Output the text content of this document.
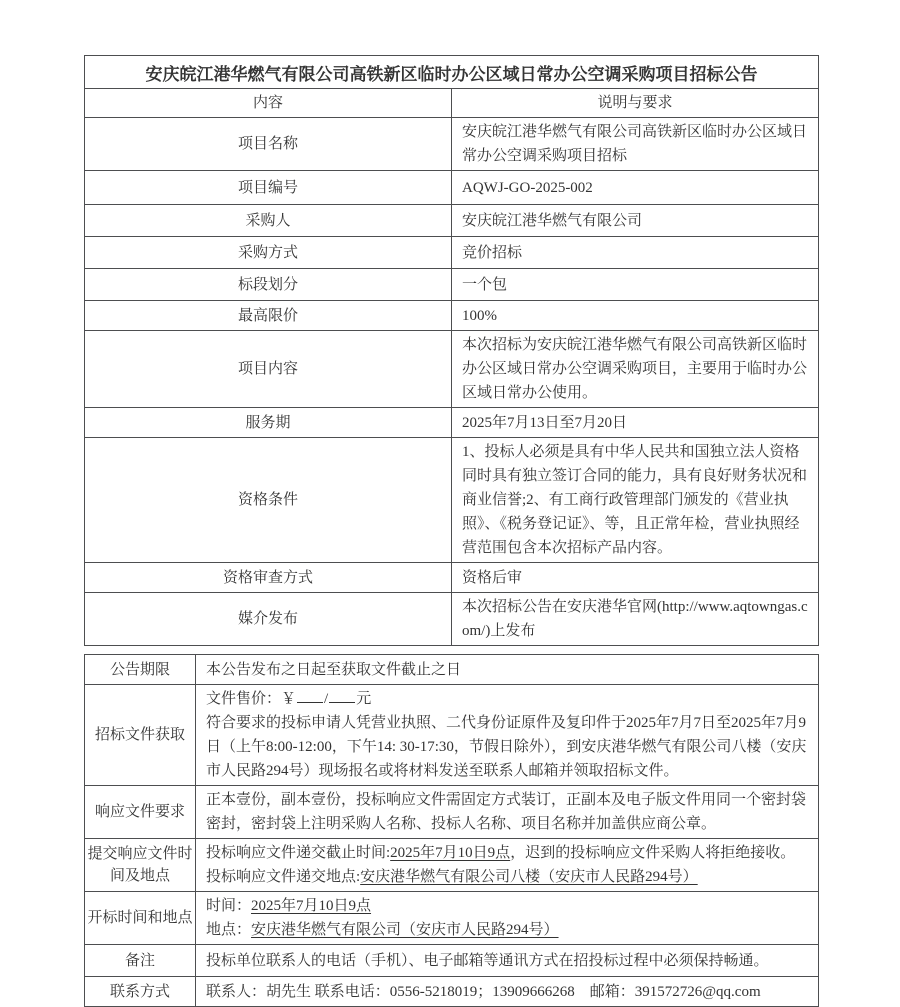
安庆皖江港华燃气有限公司高铁新区临时办公区域日常办公空调采购项目招标公告	
内容	说明与要求
项目名称	安庆皖江港华燃气有限公司高铁新区临时办公区域日常办公空调采购项目招标
项目编号	AQWJ-GO-2025-002
采购人	安庆皖江港华燃气有限公司
采购方式	竞价招标
标段划分	一个包
最高限价	100%
项目内容	本次招标为安庆皖江港华燃气有限公司高铁新区临时办公区域日常办公空调采购项目，主要用于临时办公区域日常办公使用。
服务期	2025年7月13日至7月20日
资格条件	1、投标人必须是具有中华人民共和国独立法人资格同时具有独立签订合同的能力，具有良好财务状况和商业信誉;2、有工商行政管理部门颁发的《营业执照》、《税务登记证》、等，且正常年检，营业执照经营范围包含本次招标产品内容。
资格审查方式	资格后审
媒介发布	本次招标公告在安庆港华官网(http://www.aqtowngas.com/)上发布
公告期限	本公告发布之日起至获取文件截止之日
招标文件获取	文件售价：￥ / 元
符合要求的投标申请人凭营业执照、二代身份证原件及复印件于2025年7月7日至2025年7月9日（上午8:00-12:00，下午14: 30-17:30，节假日除外），到安庆港华燃气有限公司八楼（安庆市人民路294号）现场报名或将材料发送至联系人邮箱并领取招标文件。

响应文件要求	正本壹份，副本壹份，投标响应文件需固定方式装订，正副本及电子版文件用同一个密封袋密封，密封袋上注明采购人名称、投标人名称、项目名称并加盖供应商公章。
提交响应文件时间及地点	投标响应文件递交截止时间:2025年7月10日9点，迟到的投标响应文件采购人将拒绝接收。
投标响应文件递交地点:安庆港华燃气有限公司八楼（安庆市人民路294号）

开标时间和地点	时间：2025年7月10日9点
地点：安庆港华燃气有限公司（安庆市人民路294号）

备注	投标单位联系人的电话（手机）、电子邮箱等通讯方式在招投标过程中必须保持畅通。
联系方式	联系人：胡先生 联系电话：0556-5218019；13909666268　邮箱：391572726@qq.com
